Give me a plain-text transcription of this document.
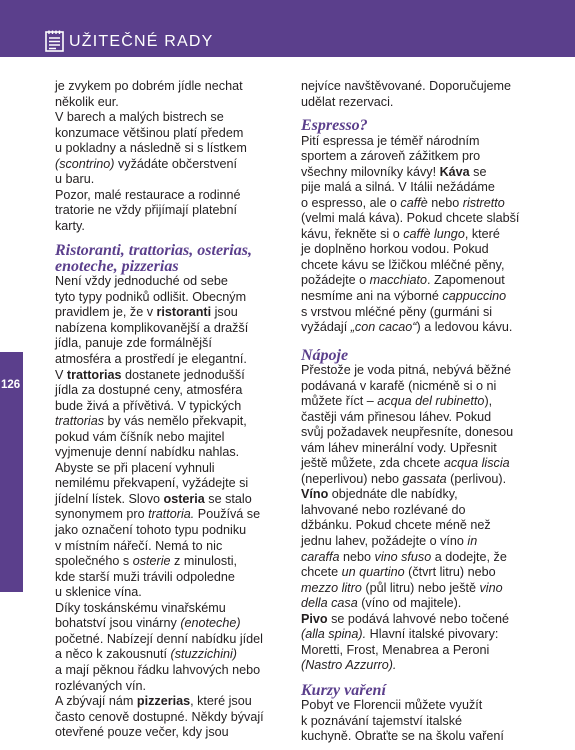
UŽITEČNÉ RADY
126

je zvykem po dobrém jídle nechat
několik eur.

V barech a malých bistrech se
konzumace většinou platí předem
u pokladny a následně si s lístkem
(scontrino) vyžádáte občerstvení
u baru.

Pozor, malé restaurace a rodinné
tratorie ne vždy přijímají platební
karty.

Ristoranti, trattorias, osterias,
enoteche, pizzerias

Není vždy jednoduché od sebe
tyto typy podniků odlišit. Obecným
pravidlem je, že v ristoranti jsou
nabízena komplikovanější a dražší
jídla, panuje zde formálnější
atmosféra a prostředí je elegantní.
V trattorias dostanete jednodušší
jídla za dostupné ceny, atmosféra
bude živá a přívětivá. V typických
trattorias by vás nemělo překvapit,
pokud vám číšník nebo majitel
vyjmenuje denní nabídku nahlas.
Abyste se při placení vyhnuli
nemilému překvapení, vyžádejte si
jídelní lístek. Slovo osteria se stalo
synonymem pro trattoria. Používá se
jako označení tohoto typu podniku
v místním nářečí. Nemá to nic
společného s osterie z minulosti,
kde starší muži trávili odpoledne
u sklenice vína.

Díky toskánskému vinařskému
bohatství jsou vinárny (enoteche)
početné. Nabízejí denní nabídku jídel
a něco k zakousnutí (stuzzichini)
a mají pěknou řádku lahvových nebo
rozlévaných vín.

A zbývají nám pizzerias, které jsou
často cenově dostupné. Někdy bývají
otevřené pouze večer, kdy jsou

nejvíce navštěvované. Doporučujeme
udělat rezervaci.

Espresso?

Pití espressa je téměř národním
sportem a zároveň zážitkem pro
všechny milovníky kávy! Káva se
pije malá a silná. V Itálii nežádáme
o espresso, ale o caffè nebo ristretto
(velmi malá káva). Pokud chcete slabší
kávu, řekněte si o caffè lungo, které
je doplněno horkou vodou. Pokud
chcete kávu se lžičkou mléčné pěny,
požádejte o macchiato. Zapomenout
nesmíme ani na výborné cappuccino
s vrstvou mléčné pěny (gurmáni si
vyžádají „con cacao“) a ledovou kávu.

Nápoje

Přestože je voda pitná, nebývá běžné
podávaná v karafě (nicméně si o ni
můžete říct – acqua del rubinetto),
častěji vám přinesou láhev. Pokud
svůj požadavek neupřesníte, donesou
vám láhev minerální vody. Upřesnit
ještě můžete, zda chcete acqua liscia
(neperlivou) nebo gassata (perlivou).
Víno objednáte dle nabídky,
lahvované nebo rozlévané do
džbánku. Pokud chcete méně než
jednu lahev, požádejte o víno in
caraffa nebo vino sfuso a dodejte, že
chcete un quartino (čtvrt litru) nebo
mezzo litro (půl litru) nebo ještě vino
della casa (víno od majitele).

Pivo se podává lahvové nebo točené
(alla spina). Hlavní italské pivovary:
Moretti, Frost, Menabrea a Peroni
(Nastro Azzurro).

Kurzy vaření

Pobyt ve Florencii můžete využít
k poznávání tajemství italské
kuchyně. Obraťte se na školu vaření
